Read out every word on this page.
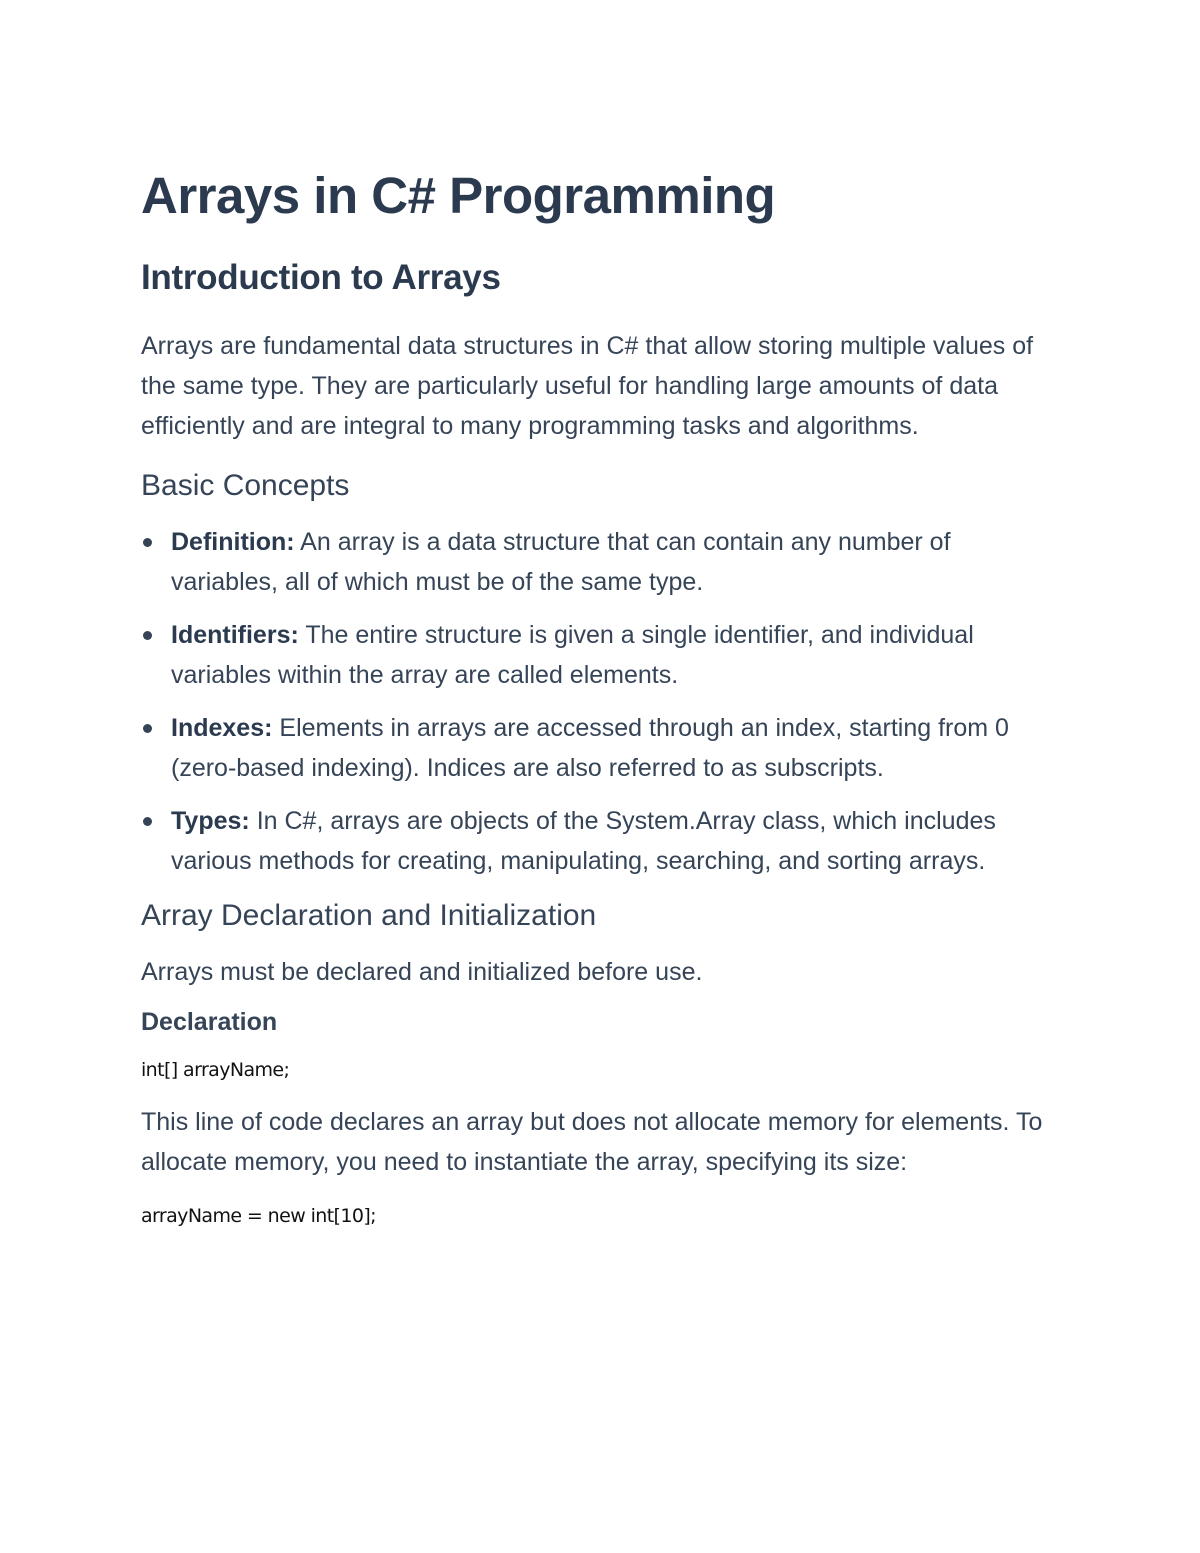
Arrays in C# Programming
Introduction to Arrays

Arrays are fundamental data structures in C# that allow storing multiple values of the same type. They are particularly useful for handling large amounts of data efficiently and are integral to many programming tasks and algorithms.

Basic Concepts
Definition: An array is a data structure that can contain any number of variables, all of which must be of the same type.
Identifiers: The entire structure is given a single identifier, and individual variables within the array are called elements.
Indexes: Elements in arrays are accessed through an index, starting from 0 (zero-based indexing). Indices are also referred to as subscripts.
Types: In C#, arrays are objects of the System.Array class, which includes various methods for creating, manipulating, searching, and sorting arrays.
Array Declaration and Initialization

Arrays must be declared and initialized before use.

Declaration
int[] arrayName;

This line of code declares an array but does not allocate memory for elements. To allocate memory, you need to instantiate the array, specifying its size:

arrayName = new int[10];
